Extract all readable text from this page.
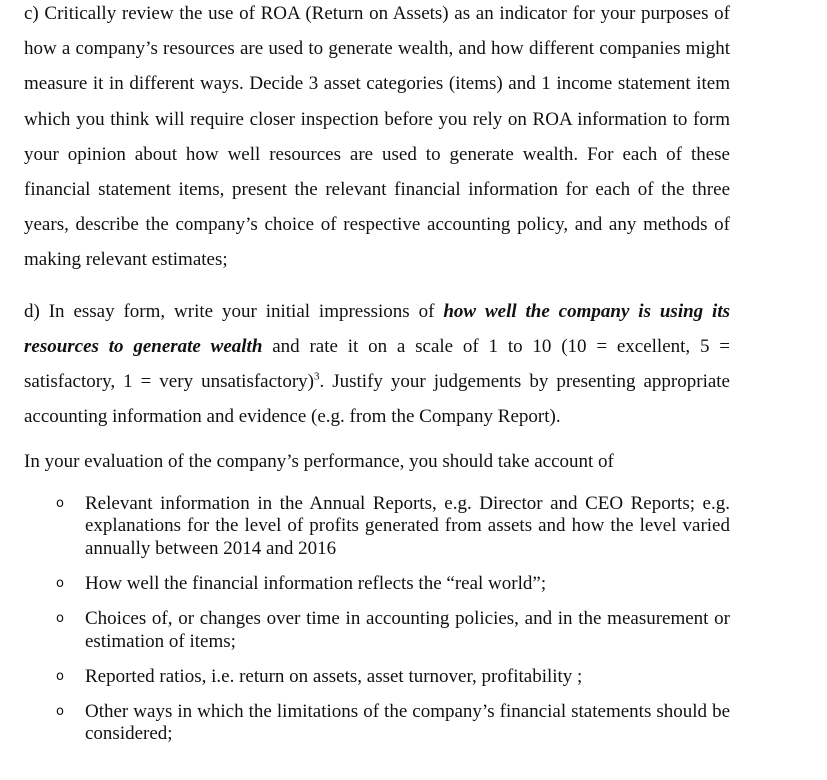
c) Critically review the use of ROA (Return on Assets) as an indicator for your purposes of how a company’s resources are used to generate wealth, and how different companies might measure it in different ways. Decide 3 asset categories (items) and 1 income statement item which you think will require closer inspection before you rely on ROA information to form your opinion about how well resources are used to generate wealth. For each of these financial statement items, present the relevant financial information for each of the three years, describe the company’s choice of respective accounting policy, and any methods of making relevant estimates;

d) In essay form, write your initial impressions of how well the company is using its resources to generate wealth and rate it on a scale of 1 to 10 (10 = excellent, 5 = satisfactory, 1 = very unsatisfactory)$^3$. Justify your judgements by presenting appropriate accounting information and evidence (e.g. from the Company Report).

In your evaluation of the company’s performance, you should take account of

o Relevant information in the Annual Reports, e.g. Director and CEO Reports; e.g. explanations for the level of profits generated from assets and how the level varied annually between 2014 and 2016
o How well the financial information reflects the “real world”;
o Choices of, or changes over time in accounting policies, and in the measurement or estimation of items;
o Reported ratios, i.e. return on assets, asset turnover, profitability ;
o Other ways in which the limitations of the company’s financial statements should be considered;
